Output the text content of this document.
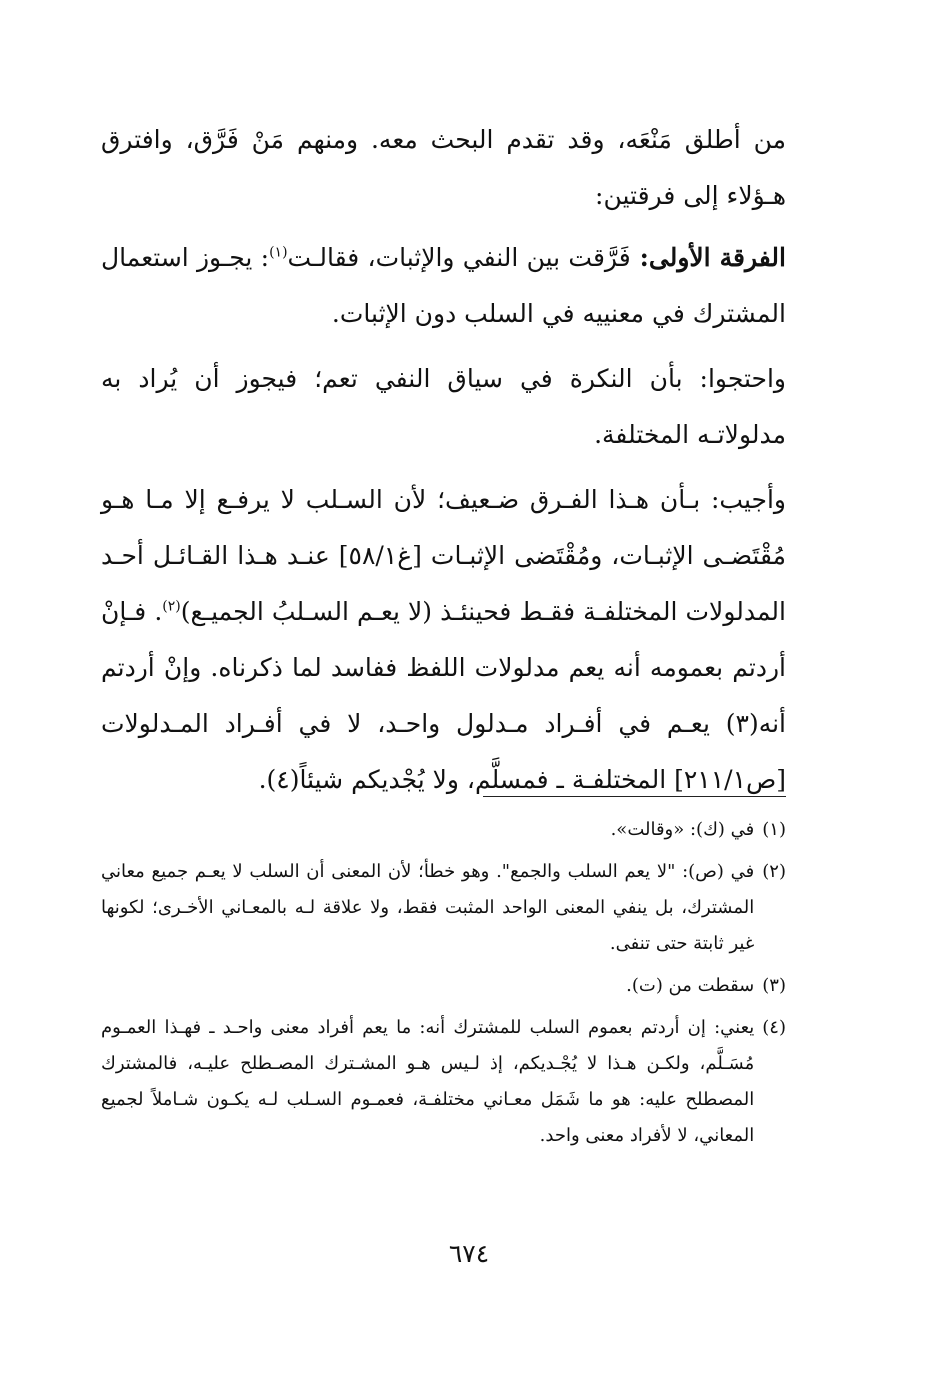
من أطلق مَنْعَه، وقد تقدم البحث معه. ومنهم مَنْ فَرَّق، وافترق هـؤلاء إلى فرقتين:

الفرقة الأولى: فَرَّقت بين النفي والإثبات، فقالـت$^{(١)}$: يجـوز استعمال المشترك في معنييه في السلب دون الإثبات.

واحتجوا: بأن النكرة في سياق النفي تعم؛ فيجوز أن يُراد به مدلولاتـه المختلفة.

وأجيب: بـأن هـذا الفـرق ضـعيف؛ لأن السـلب لا يرفـع إلا مـا هـو مُقْتَضـى الإثبـات، ومُقْتَضى الإثبـات [غ٥٨/١] عنـد هـذا القـائـل أحـد المدلولات المختلفـة فقـط فحينئـذ (لا يعـم السـلبُ الجميـع)$^{(٢)}$. فـإنْ أردتم بعمومه أنه يعم مدلولات اللفظ ففاسد لما ذكرناه. وإنْ أردتم أنه(٣) يعـم في أفـراد مـدلول واحـد، لا في أفـراد المـدلولات [ص٢١١/١] المختلفـة ـ فمسلَّم، ولا يُجْديكم شيئاً(٤).

(١)
في (ك): «وقالت».
(٢)
في (ص): "لا يعم السلب والجمع". وهو خطأ؛ لأن المعنى أن السلب لا يعـم جميع معاني المشترك، بل ينفي المعنى الواحد المثبت فقط، ولا علاقة لـه بالمعـاني الأخـرى؛ لكونها غير ثابتة حتى تنفى.
(٣)
سقطت من (ت).
(٤)
يعني: إن أردتم بعموم السلب للمشترك أنه: ما يعم أفراد معنى واحـد ـ فهـذا العمـوم مُسَـلَّم، ولكـن هـذا لا يُجْـديكم، إذ لـيس هـو المشـترك المصـطلح عليـه، فالمشترك المصطلح عليه: هو ما شَمَل معـاني مختلفـة، فعمـوم السـلب لـه يكـون شـاملاً لجميع المعاني، لا لأفراد معنى واحد.
٦٧٤
